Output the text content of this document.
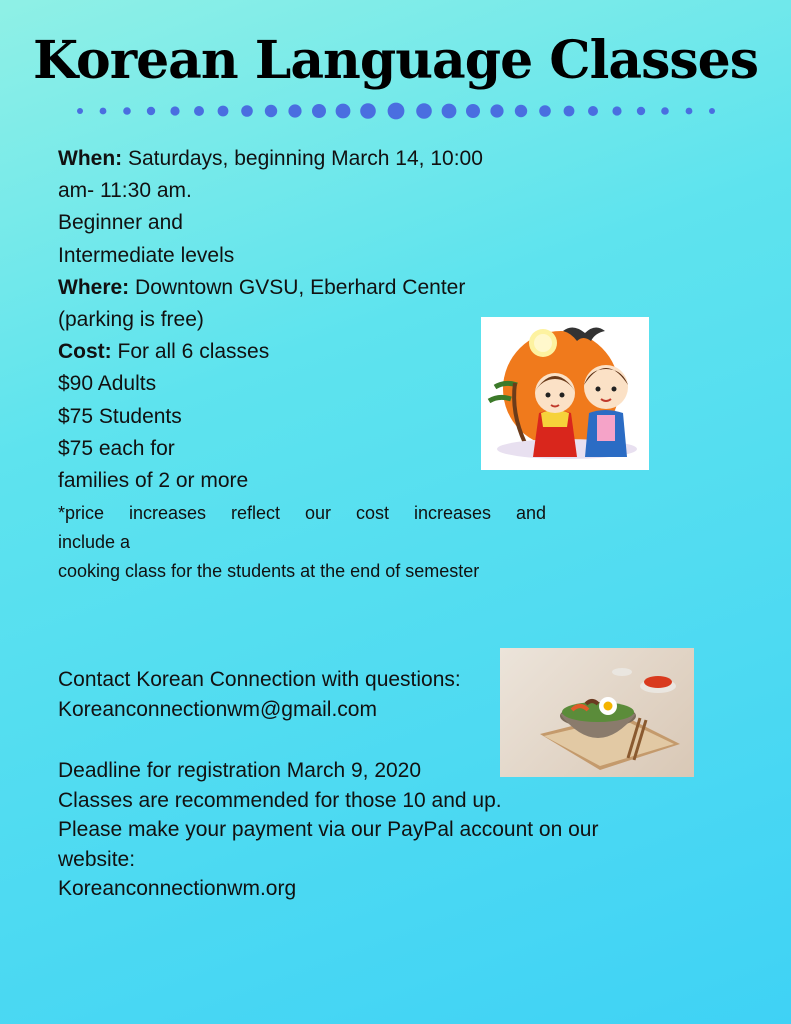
Korean Language Classes
When: Saturdays, beginning March 14, 10:00
am- 11:30 am.
Beginner and
Intermediate levels
Where: Downtown GVSU, Eberhard Center
(parking is free)
Cost: For all 6 classes
$90 Adults
$75 Students
$75 each for
families of 2 or more
*price increases reflect our cost increases and
include a
cooking class for the students at the end of semester
Contact Korean Connection with questions:
Koreanconnectionwm@gmail.com
Deadline for registration March 9, 2020
Classes are recommended for those 10 and up.
Please make your payment via our PayPal account on our
website:
Koreanconnectionwm.org
